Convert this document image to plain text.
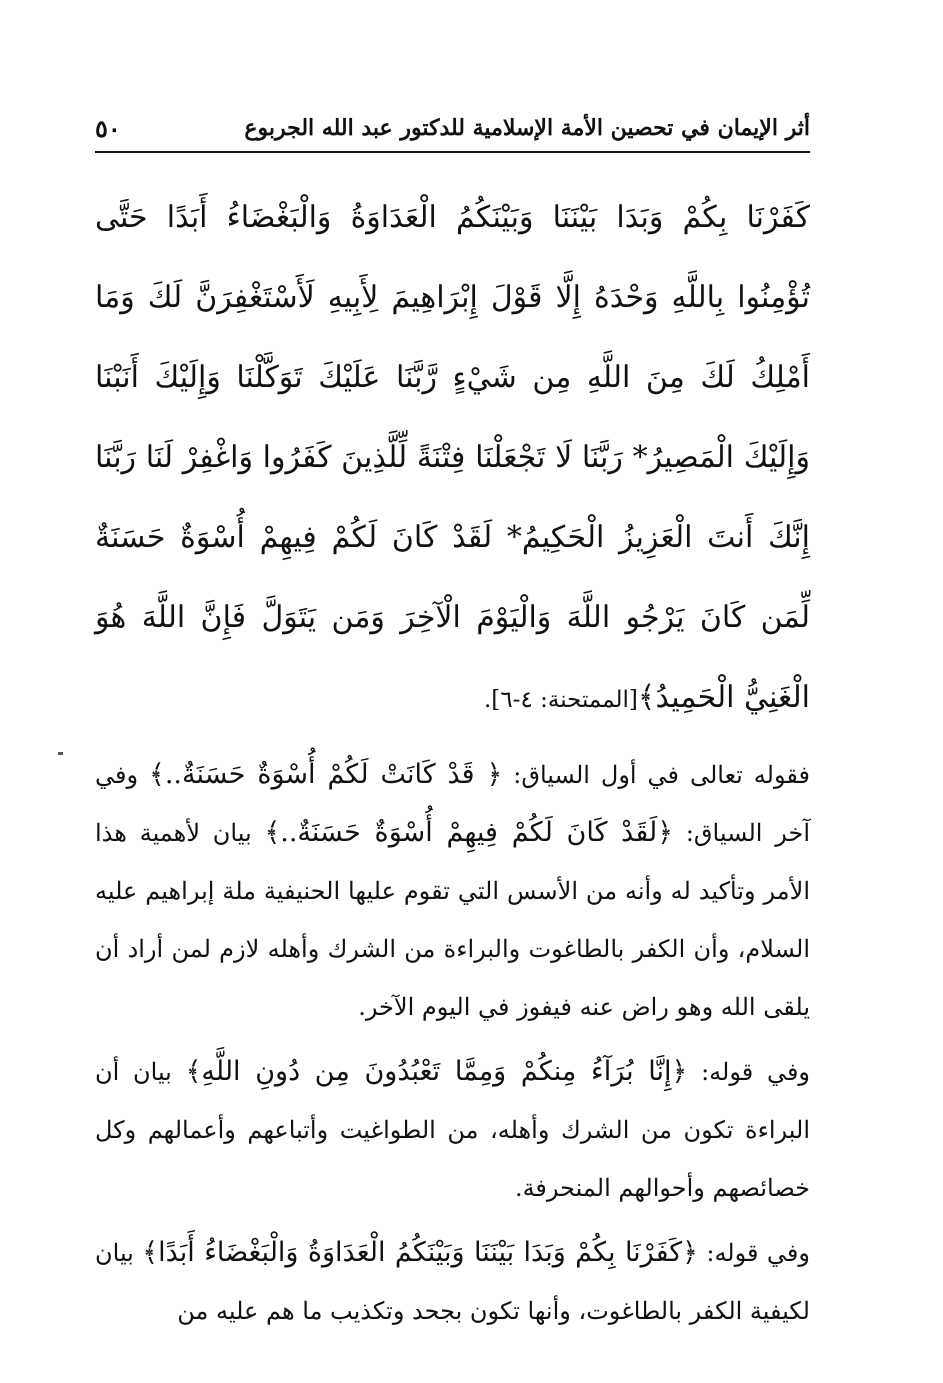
أثر الإيمان في تحصين الأمة الإسلامية للدكتور عبد الله الجربوع
٥٠

كَفَرْنَا بِكُمْ وَبَدَا بَيْنَنَا وَبَيْنَكُمُ الْعَدَاوَةُ وَالْبَغْضَاءُ أَبَدًا حَتَّى تُؤْمِنُوا بِاللَّهِ وَحْدَهُ إِلَّا قَوْلَ إِبْرَاهِيمَ لِأَبِيهِ لَأَسْتَغْفِرَنَّ لَكَ وَمَا أَمْلِكُ لَكَ مِنَ اللَّهِ مِن شَيْءٍ رَّبَّنَا عَلَيْكَ تَوَكَّلْنَا وَإِلَيْكَ أَنَبْنَا وَإِلَيْكَ الْمَصِيرُ* رَبَّنَا لَا تَجْعَلْنَا فِتْنَةً لِّلَّذِينَ كَفَرُوا وَاغْفِرْ لَنَا رَبَّنَا إِنَّكَ أَنتَ الْعَزِيزُ الْحَكِيمُ* لَقَدْ كَانَ لَكُمْ فِيهِمْ أُسْوَةٌ حَسَنَةٌ لِّمَن كَانَ يَرْجُو اللَّهَ وَالْيَوْمَ الْآخِرَ وَمَن يَتَوَلَّ فَإِنَّ اللَّهَ هُوَ الْغَنِيُّ الْحَمِيدُ﴾[الممتحنة: ٤-٦].

فقوله تعالى في أول السياق: ﴿ قَدْ كَانَتْ لَكُمْ أُسْوَةٌ حَسَنَةٌ..﴾ وفي آخر السياق: ﴿لَقَدْ كَانَ لَكُمْ فِيهِمْ أُسْوَةٌ حَسَنَةٌ..﴾ بيان لأهمية هذا الأمر وتأكيد له وأنه من الأسس التي تقوم عليها الحنيفية ملة إبراهيم عليه السلام، وأن الكفر بالطاغوت والبراءة من الشرك وأهله لازم لمن أراد أن يلقى الله وهو راض عنه فيفوز في اليوم الآخر.

وفي قوله: ﴿إِنَّا بُرَآءُ مِنكُمْ وَمِمَّا تَعْبُدُونَ مِن دُونِ اللَّهِ﴾ بيان أن البراءة تكون من الشرك وأهله، من الطواغيت وأتباعهم وأعمالهم وكل خصائصهم وأحوالهم المنحرفة.

وفي قوله: ﴿كَفَرْنَا بِكُمْ وَبَدَا بَيْنَنَا وَبَيْنَكُمُ الْعَدَاوَةُ وَالْبَغْضَاءُ أَبَدًا﴾ بيان لكيفية الكفر بالطاغوت، وأنها تكون بجحد وتكذيب ما هم عليه من
